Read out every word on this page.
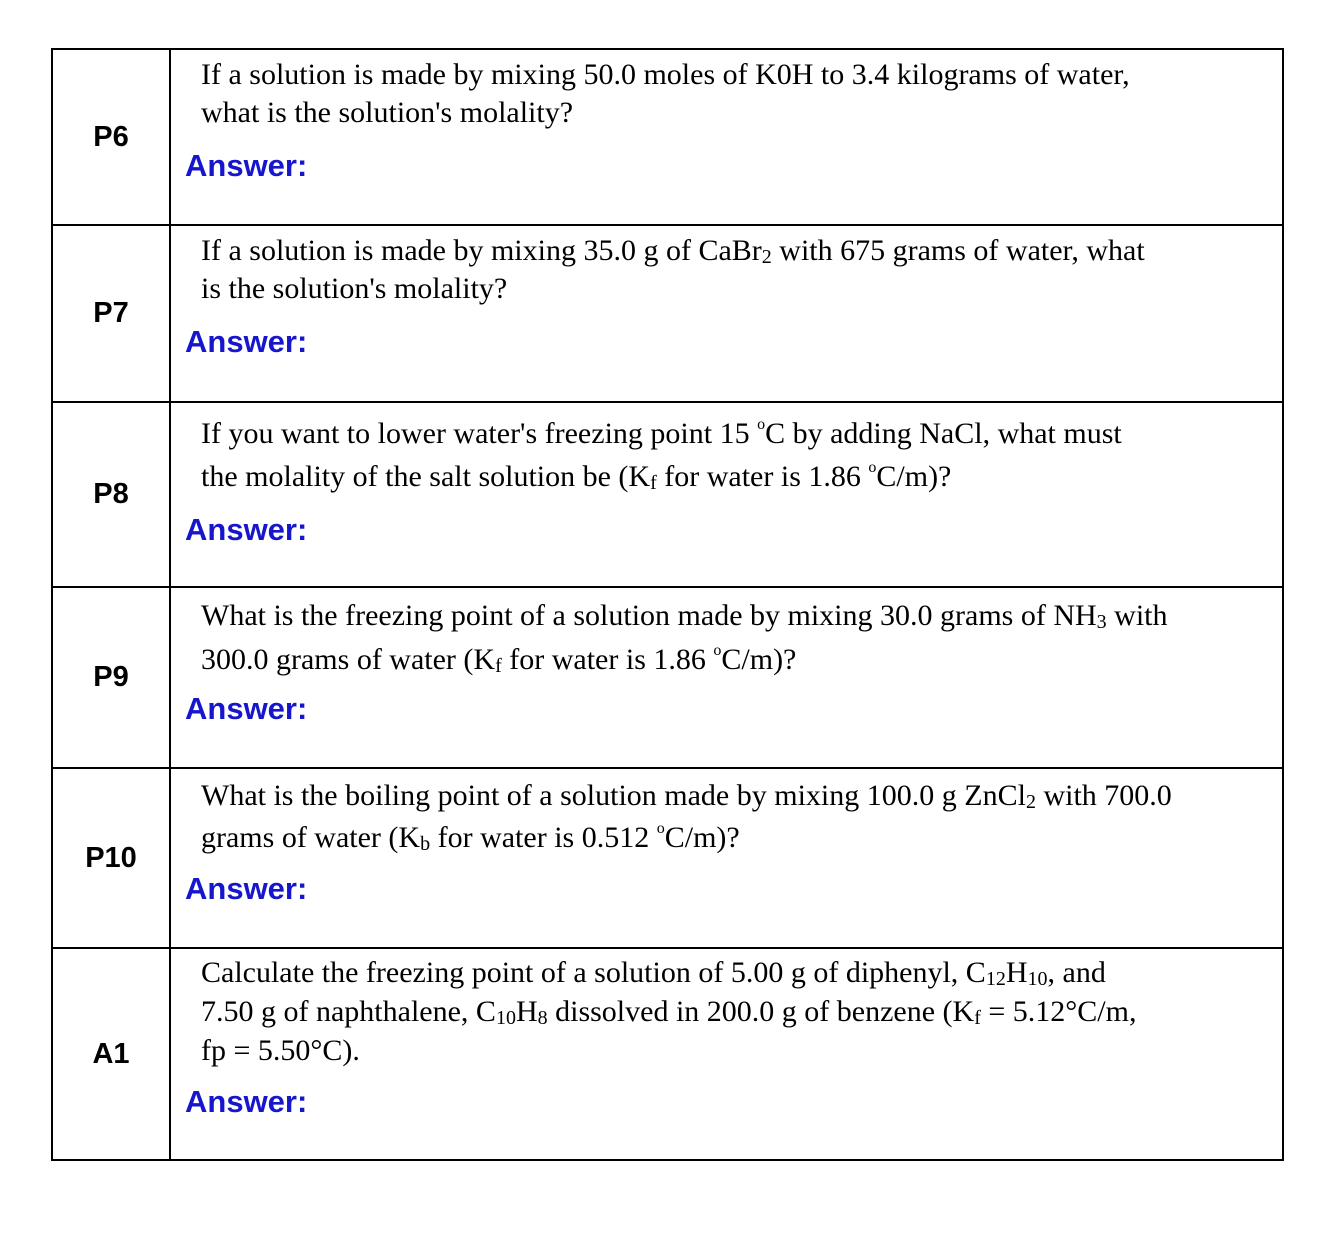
P6

If a solution is made by mixing 50.0 moles of K0H to 3.4 kilograms of water,
what is the solution's molality?

Answer:
P7

If a solution is made by mixing 35.0 g of CaBr$_2$ with 675 grams of water, what
is the solution's molality?

Answer:
P8

If you want to lower water's freezing point 15 $^o$C by adding NaCl, what must
the molality of the salt solution be ($K_f$ for water is 1.86 $^o$C/m)?

Answer:
P9

What is the freezing point of a solution made by mixing 30.0 grams of $NH_3$ with
300.0 grams of water ($K_f$ for water is 1.86 $^o$C/m)?

Answer:
P10

What is the boiling point of a solution made by mixing 100.0 g ZnCl$_2$ with 700.0
grams of water ($K_b$ for water is 0.512 $^o$C/m)?

Answer:
A1

Calculate the freezing point of a solution of 5.00 g of diphenyl, $C_{12}H_{10}$, and
7.50 g of naphthalene, $C_{10}H_8$ dissolved in 200.0 g of benzene ($K_f = 5.12^\circ C/m$,
fp = 5.50°C).

Answer:
